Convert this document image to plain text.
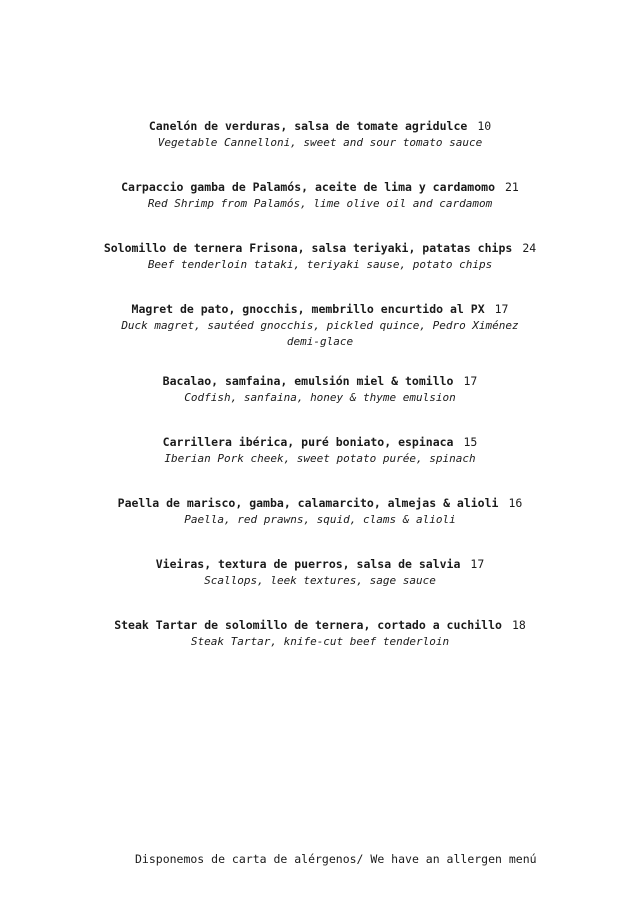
Canelón de verduras, salsa de tomate agridulce 10
Vegetable Cannelloni, sweet and sour tomato sauce
Carpaccio gamba de Palamós, aceite de lima y cardamomo 21
Red Shrimp from Palamós, lime olive oil and cardamom
Solomillo de ternera Frisona, salsa teriyaki, patatas chips 24
Beef tenderloin tataki, teriyaki sause, potato chips
Magret de pato, gnocchis, membrillo encurtido al PX 17
Duck magret, sautéed gnocchis, pickled quince, Pedro Ximénez demi-glace
Bacalao, samfaina, emulsión miel & tomillo 17
Codfish, sanfaina, honey & thyme emulsion
Carrillera ibérica, puré boniato, espinaca 15
Iberian Pork cheek, sweet potato purée, spinach
Paella de marisco, gamba, calamarcito, almejas & alioli 16
Paella, red prawns, squid, clams & alioli
Vieiras, textura de puerros, salsa de salvia 17
Scallops, leek textures, sage sauce
Steak Tartar de solomillo de ternera, cortado a cuchillo 18
Steak Tartar, knife-cut beef tenderloin
Disponemos de carta de alérgenos/ We have an allergen menú
